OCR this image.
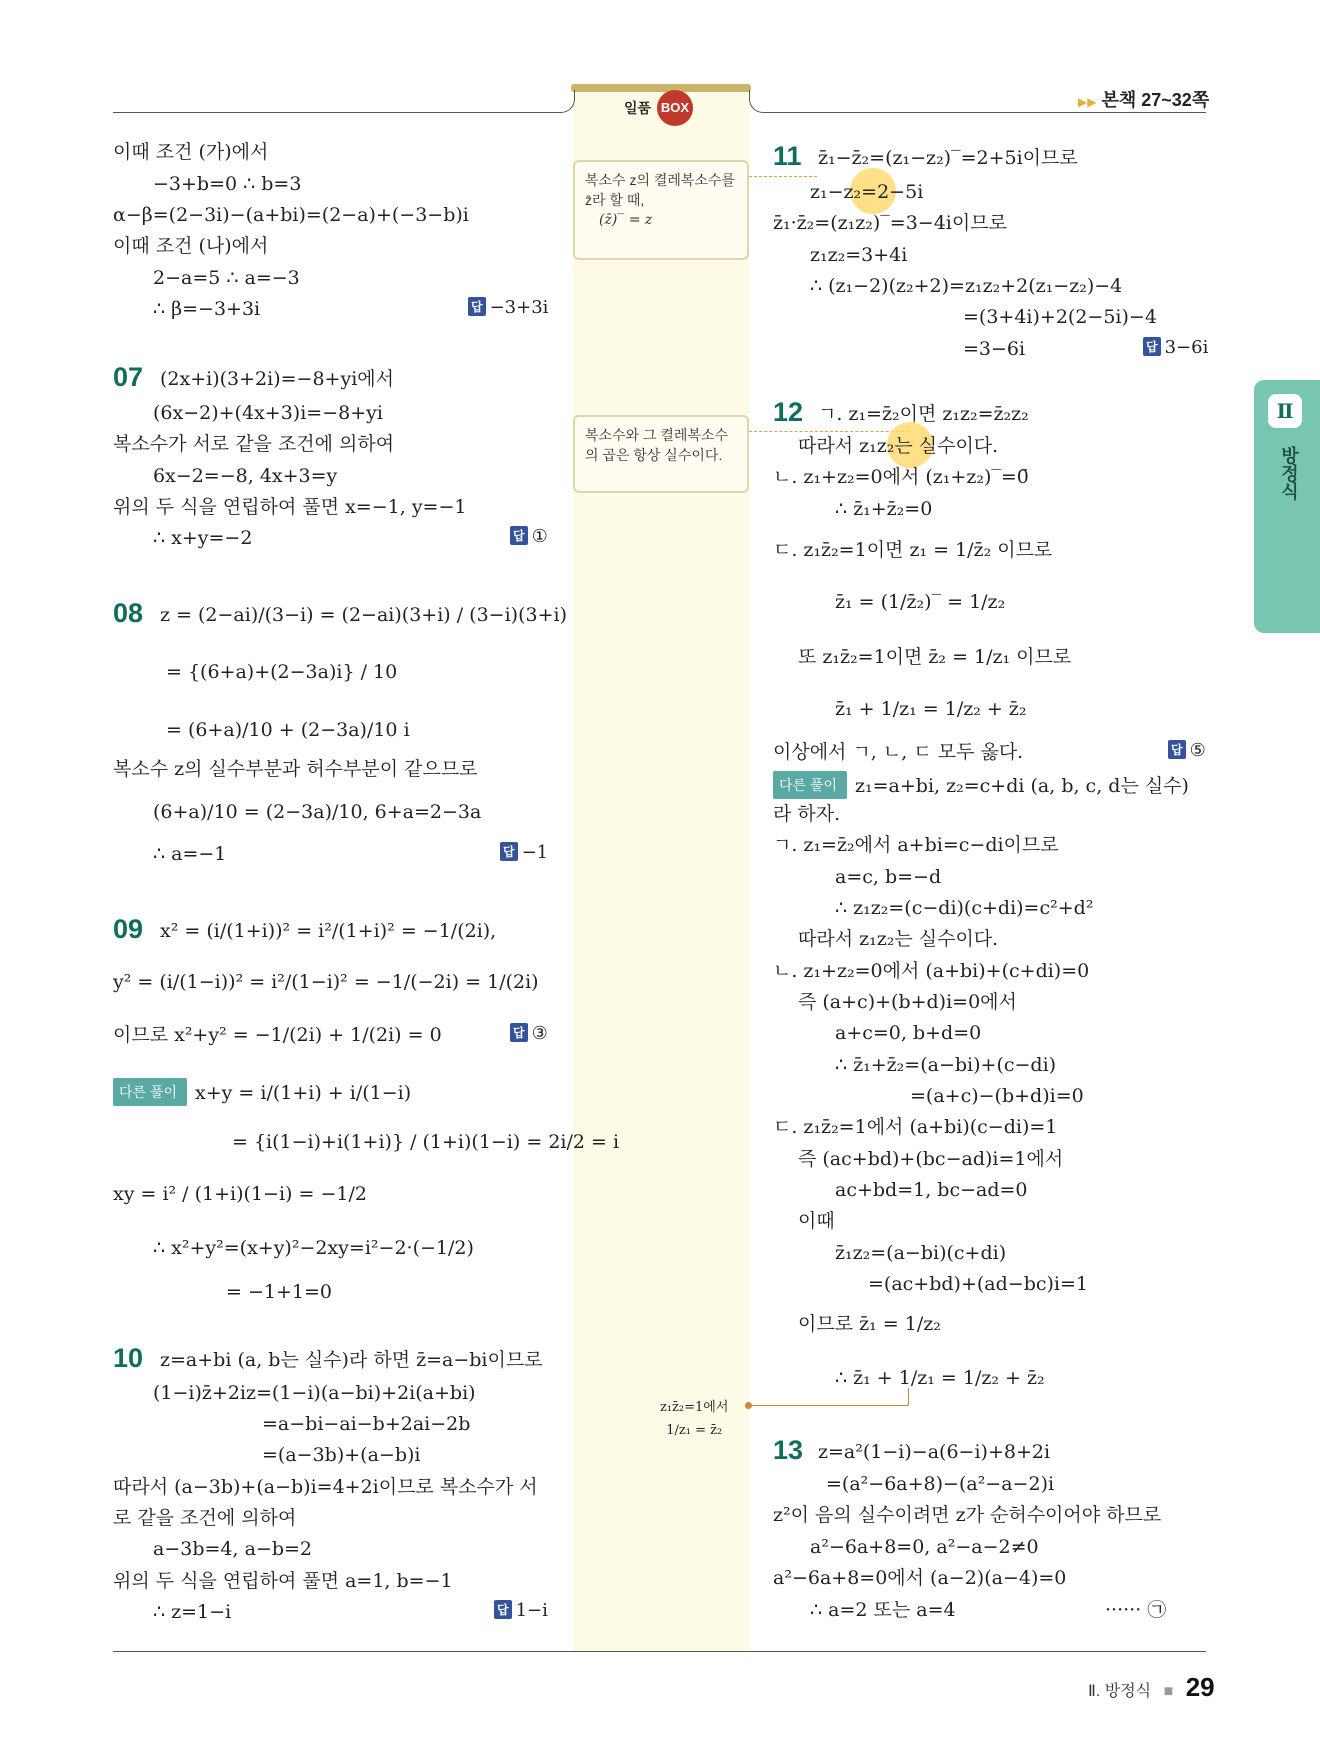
일품 BOX	▶▶ 본책 27~32쪽
Ⅱ
방정식
이때 조건 (가)에서
−3+b=0 ∴ b=3
α−β=(2−3i)−(a+bi)=(2−a)+(−3−b)i
이때 조건 (나)에서
2−a=5 ∴ a=−3
∴ β=−3+3i	답 −3+3i
07 (2x+i)(3+2i)=−8+yi에서
(6x−2)+(4x+3)i=−8+yi
복소수가 서로 같을 조건에 의하여
6x−2=−8, 4x+3=y
위의 두 식을 연립하여 풀면 x=−1, y=−1
∴ x+y=−2	답 ①
08 z = (2−ai)/(3−i) = (2−ai)(3+i) / (3−i)(3+i)
= {(6+a)+(2−3a)i} / 10
= (6+a)/10 + (2−3a)/10 i
복소수 z의 실수부분과 허수부분이 같으므로
(6+a)/10 = (2−3a)/10, 6+a=2−3a
∴ a=−1	답 −1
09 x² = (i/(1+i))² = i²/(1+i)² = −1/(2i),
y² = (i/(1−i))² = i²/(1−i)² = −1/(−2i) = 1/(2i)
이므로 x²+y² = −1/(2i) + 1/(2i) = 0	답 ③
다른 풀이 x+y = i/(1+i) + i/(1−i)
= {i(1−i)+i(1+i)} / (1+i)(1−i) = 2i/2 = i
xy = i² / (1+i)(1−i) = −1/2
∴ x²+y²=(x+y)²−2xy=i²−2·(−1/2)
= −1+1=0
10 z=a+bi (a, b는 실수)라 하면 z̄=a−bi이므로
(1−i)z̄+2iz=(1−i)(a−bi)+2i(a+bi)
=a−bi−ai−b+2ai−2b
=(a−3b)+(a−b)i
따라서 (a−3b)+(a−b)i=4+2i이므로 복소수가 서
로 같을 조건에 의하여
a−3b=4, a−b=2
위의 두 식을 연립하여 풀면 a=1, b=−1
∴ z=1−i	답 1−i
복소수 z의 켤레복소수를
z̄라 할 때,
(z̄)‾ = z
복소수와 그 켤레복소수
의 곱은 항상 실수이다.
z₁z̄₂=1에서
1/z₁ = z̄₂
11 z̄₁−z̄₂=(z₁−z₂)‾=2+5i이므로
z₁−z₂=2−5i
z̄₁·z̄₂=(z₁z₂)‾=3−4i이므로
z₁z₂=3+4i
∴ (z₁−2)(z₂+2)=z₁z₂+2(z₁−z₂)−4
=(3+4i)+2(2−5i)−4
=3−6i	답 3−6i
12 ㄱ. z₁=z̄₂이면 z₁z₂=z̄₂z₂
따라서 z₁z₂는 실수이다.
ㄴ. z₁+z₂=0에서 (z₁+z₂)‾=0̄
∴ z̄₁+z̄₂=0
ㄷ. z₁z̄₂=1이면 z₁ = 1/z̄₂ 이므로
z̄₁ = (1/z̄₂)‾ = 1/z₂
또 z₁z̄₂=1이면 z̄₂ = 1/z₁ 이므로
z̄₁ + 1/z₁ = 1/z₂ + z̄₂
이상에서 ㄱ, ㄴ, ㄷ 모두 옳다.	답 ⑤
다른 풀이 z₁=a+bi, z₂=c+di (a, b, c, d는 실수)
라 하자.
ㄱ. z₁=z̄₂에서 a+bi=c−di이므로
a=c, b=−d
∴ z₁z₂=(c−di)(c+di)=c²+d²
따라서 z₁z₂는 실수이다.
ㄴ. z₁+z₂=0에서 (a+bi)+(c+di)=0
즉 (a+c)+(b+d)i=0에서
a+c=0, b+d=0
∴ z̄₁+z̄₂=(a−bi)+(c−di)
=(a+c)−(b+d)i=0
ㄷ. z₁z̄₂=1에서 (a+bi)(c−di)=1
즉 (ac+bd)+(bc−ad)i=1에서
ac+bd=1, bc−ad=0
이때
z̄₁z₂=(a−bi)(c+di)
=(ac+bd)+(ad−bc)i=1
이므로 z̄₁ = 1/z₂
∴ z̄₁ + 1/z₁ = 1/z₂ + z̄₂
13 z=a²(1−i)−a(6−i)+8+2i
=(a²−6a+8)−(a²−a−2)i
z²이 음의 실수이려면 z가 순허수이어야 하므로
a²−6a+8=0, a²−a−2≠0
a²−6a+8=0에서 (a−2)(a−4)=0
∴ a=2 또는 a=4	······ ㉠
Ⅱ. 방정식 ■ 29
